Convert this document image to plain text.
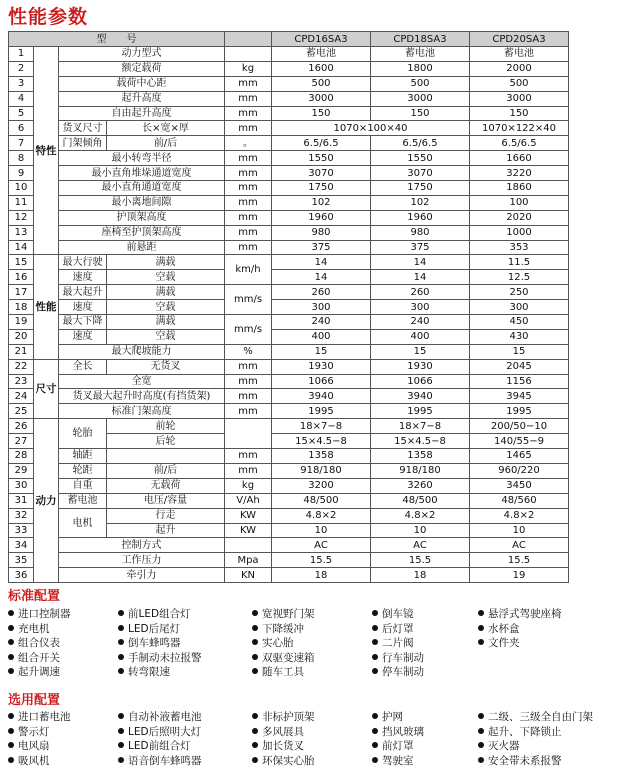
性能参数
型　　号					CPD16SA3	CPD18SA3	CPD20SA3
1	特性	动力型式			蓄电池	蓄电池	蓄电池
2		额定载荷		kg	1600	1800	2000
3		载荷中心距		mm	500	500	500
4		起升高度		mm	3000	3000	3000
5		自由起升高度		mm	150	150	150
6		货叉尺寸	长×宽×厚	mm	1070×100×40		1070×122×40
7		门架倾角	前/后	。	6.5/6.5	6.5/6.5	6.5/6.5
8		最小转弯半径		mm	1550	1550	1660
9		最小直角堆垛通道宽度		mm	3070	3070	3220
10		最小直角通道宽度		mm	1750	1750	1860
11		最小离地间隙		mm	102	102	100
12		护顶架高度		mm	1960	1960	2020
13		座椅至护顶架高度		mm	980	980	1000
14		前悬距		mm	375	375	353
15	性能	最大行驶	满载	km/h	14	14	11.5
16		速度	空载		14	14	12.5
17		最大起升	满载	mm/s	260	260	250
18		速度	空载		300	300	300
19		最大下降	满载	mm/s	240	240	450
20		速度	空载		400	400	430
21		最大爬坡能力		%	15	15	15
22	尺寸	全长	无货叉	mm	1930	1930	2045
23		全宽		mm	1066	1066	1156
24		货叉最大起升时高度(有挡货架)		mm	3940	3940	3945
25		标准门架高度		mm	1995	1995	1995
26	动力	轮胎	前轮		18×7−8	18×7−8	200/50−10
27			后轮		15×4.5−8	15×4.5−8	140/55−9
28		轴距		mm	1358	1358	1465
29		轮距	前/后	mm	918/180	918/180	960/220
30		自重	无载荷	kg	3200	3260	3450
31		蓄电池	电压/容量	V/Ah	48/500	48/500	48/560
32		电机	行走	KW	4.8×2	4.8×2	4.8×2
33			起升	KW	10	10	10
34		控制方式			AC	AC	AC
35		工作压力		Mpa	15.5	15.5	15.5
36		牵引力		KN	18	18	19
标准配置
进口控制器	前LED组合灯	宽视野门架	倒车镜	悬浮式驾驶座椅
充电机	LED后尾灯	下降缓冲	后灯罩	水杯盒
组合仪表	倒车蜂鸣器	实心胎	二片阀	文件夹
组合开关	手制动未拉报警	双驱变速箱	行车制动
起升调速	转弯限速	随车工具	停车制动
选用配置
进口蓄电池	自动补液蓄电池	非标护顶架	护网	二级、三级全自由门架
警示灯	LED后照明大灯	多风展具	挡风玻璃	起升、下降锁止
电风扇	LED前组合灯	加长货叉	前灯罩	灭火器
吸风机	语音倒车蜂鸣器	环保实心胎	驾驶室	安全带未系报警
